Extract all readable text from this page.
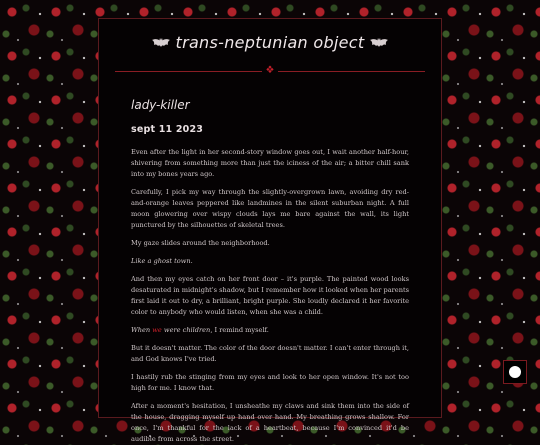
trans-neptunian object
❖
lady-killer
sept 11 2023

Even after the light in her second-story window goes out, I wait another half-hour, shivering from something more than just the iciness of the air; a bitter chill sank into my bones years ago.

Carefully, I pick my way through the slightly-overgrown lawn, avoiding dry red-and-orange leaves peppered like landmines in the silent suburban night. A full moon glowering over wispy clouds lays me bare against the wall, its light punctured by the silhouettes of skeletal trees.

My gaze slides around the neighborhood.

Like a ghost town.

And then my eyes catch on her front door – it's purple. The painted wood looks desaturated in midnight's shadow, but I remember how it looked when her parents first laid it out to dry, a brilliant, bright purple. She loudly declared it her favorite color to anybody who would listen, when she was a child.

When we were children, I remind myself.

But it doesn't matter. The color of the door doesn't matter. I can't enter through it, and God knows I've tried.

I hastily rub the stinging from my eyes and look to her open window. It's not too high for me. I know that.

After a moment's hesitation, I unsheathe my claws and sink them into the side of the house, dragging myself up hand over hand. My breathing grows shallow. For once, I'm thankful for the lack of a heartbeat, because I'm convinced it'd be audible from across the street.
